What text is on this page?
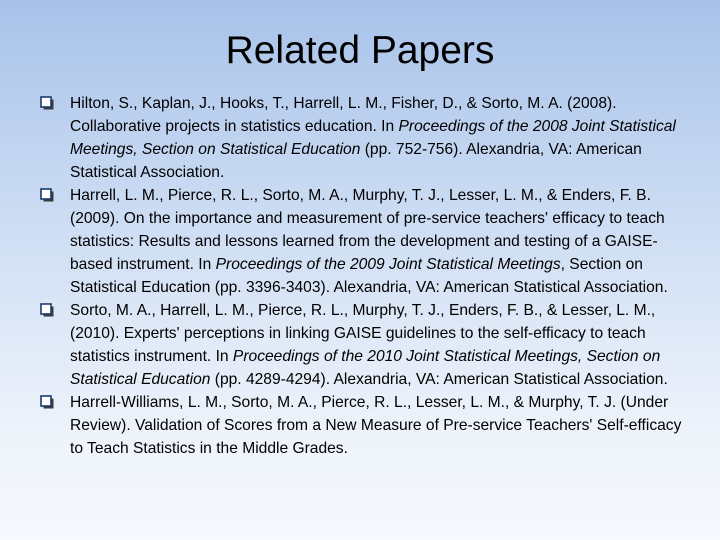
Related Papers
Hilton, S., Kaplan, J., Hooks, T., Harrell, L. M., Fisher, D., & Sorto, M. A. (2008). Collaborative projects in statistics education. In Proceedings of the 2008 Joint Statistical Meetings, Section on Statistical Education (pp. 752-756). Alexandria, VA: American Statistical Association.
Harrell, L. M., Pierce, R. L., Sorto, M. A., Murphy, T. J., Lesser, L. M., & Enders, F. B. (2009). On the importance and measurement of pre-service teachers' efficacy to teach statistics: Results and lessons learned from the development and testing of a GAISE-based instrument. In Proceedings of the 2009 Joint Statistical Meetings, Section on Statistical Education (pp. 3396-3403). Alexandria, VA: American Statistical Association.
Sorto, M. A., Harrell, L. M., Pierce, R. L., Murphy, T. J., Enders, F. B., & Lesser, L. M., (2010). Experts' perceptions in linking GAISE guidelines to the self-efficacy to teach statistics instrument. In Proceedings of the 2010 Joint Statistical Meetings, Section on Statistical Education (pp. 4289-4294). Alexandria, VA: American Statistical Association.
Harrell-Williams, L. M., Sorto, M. A., Pierce, R. L., Lesser, L. M., & Murphy, T. J. (Under Review). Validation of Scores from a New Measure of Pre-service Teachers' Self-efficacy to Teach Statistics in the Middle Grades.
